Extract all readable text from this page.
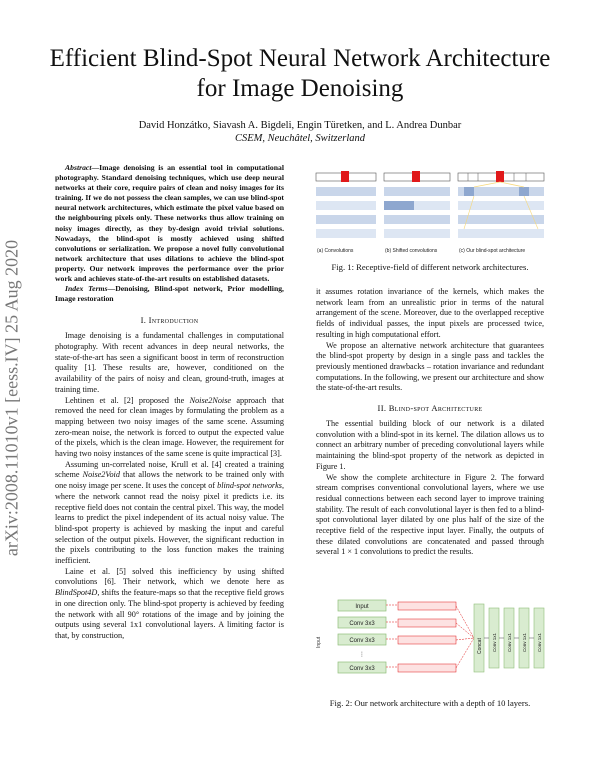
arXiv:2008.11010v1 [eess.IV] 25 Aug 2020
Efficient Blind-Spot Neural Network Architecture for Image Denoising
David Honzátko, Siavash A. Bigdeli, Engin Türetken, and L. Andrea Dunbar
CSEM, Neuchâtel, Switzerland

Abstract—Image denoising is an essential tool in computational photography. Standard denoising techniques, which use deep neural networks at their core, require pairs of clean and noisy images for its training. If we do not possess the clean samples, we can use blind-spot neural network architectures, which estimate the pixel value based on the neighbouring pixels only. These networks thus allow training on noisy images directly, as they by-design avoid trivial solutions. Nowadays, the blind-spot is mostly achieved using shifted convolutions or serialization. We propose a novel fully convolutional network architecture that uses dilations to achieve the blind-spot property. Our network improves the performance over the prior work and achieves state-of-the-art results on established datasets.

Index Terms—Denoising, Blind-spot network, Prior modelling, Image restoration

I. Introduction

Image denoising is a fundamental challenges in computational photography. With recent advances in deep neural networks, the state-of-the-art has seen a significant boost in term of reconstruction quality [1]. These results are, however, conditioned on the availability of the pairs of noisy and clean, ground-truth, images at training time.

Lehtinen et al. [2] proposed the Noise2Noise approach that removed the need for clean images by formulating the problem as a mapping between two noisy images of the same scene. Assuming zero-mean noise, the network is forced to output the expected value of the pixels, which is the clean image. However, the requirement for having two noisy instances of the same scene is quite impractical [3].

Assuming un-correlated noise, Krull et al. [4] created a training scheme Noise2Void that allows the network to be trained only with one noisy image per scene. It uses the concept of blind-spot networks, where the network cannot read the noisy pixel it predicts i.e. its receptive field does not contain the central pixel. This way, the model learns to predict the pixel independent of its actual noisy value. The blind-spot property is achieved by masking the input and careful selection of the output pixels. However, the significant reduction in the pixels contributing to the loss function makes the training inefficient.

Laine et al. [5] solved this inefficiency by using shifted convolutions [6]. Their network, which we denote here as BlindSpot4D, shifts the feature-maps so that the receptive field grows in one direction only. The blind-spot property is achieved by feeding the network with all 90° rotations of the image and by joining the outputs using several 1x1 convolutional layers. A limiting factor is that, by construction,

(a) Convolutions	(b) Shifted convolutions	(c) Our blind-spot architecture
Fig. 1: Receptive-field of different network architectures.

it assumes rotation invariance of the kernels, which makes the network learn from an unrealistic prior in terms of the natural arrangement of the scene. Moreover, due to the overlapped receptive fields of individual passes, the input pixels are processed twice, resulting in high computational effort.

We propose an alternative network architecture that guarantees the blind-spot property by design in a single pass and tackles the previously mentioned drawbacks – rotation invariance and redundant computations. In the following, we present our architecture and show the state-of-the-art results.

II. Blind-spot Architecture

The essential building block of our network is a dilated convolution with a blind-spot in its kernel. The dilation allows us to connect an arbitrary number of preceding convolutional layers while maintaining the blind-spot property of the network as depicted in Figure 1.

We show the complete architecture in Figure 2. The forward stream comprises conventional convolutional layers, where we use residual connections between each second layer to improve training stability. The result of each convolutional layer is then fed to a blind-spot convolutional layer dilated by one plus half of the size of the receptive field of the respective input layer. Finally, the outputs of these dilated convolutions are concatenated and passed through several 1 × 1 convolutions to predict the results.

Input
Input
Conv 3x3
Conv 3x3
⋮
Conv 3x3
Concat Conv 1x1 Conv 1x1 Conv 1x1 Conv 1x1
Fig. 2: Our network architecture with a depth of 10 layers.
